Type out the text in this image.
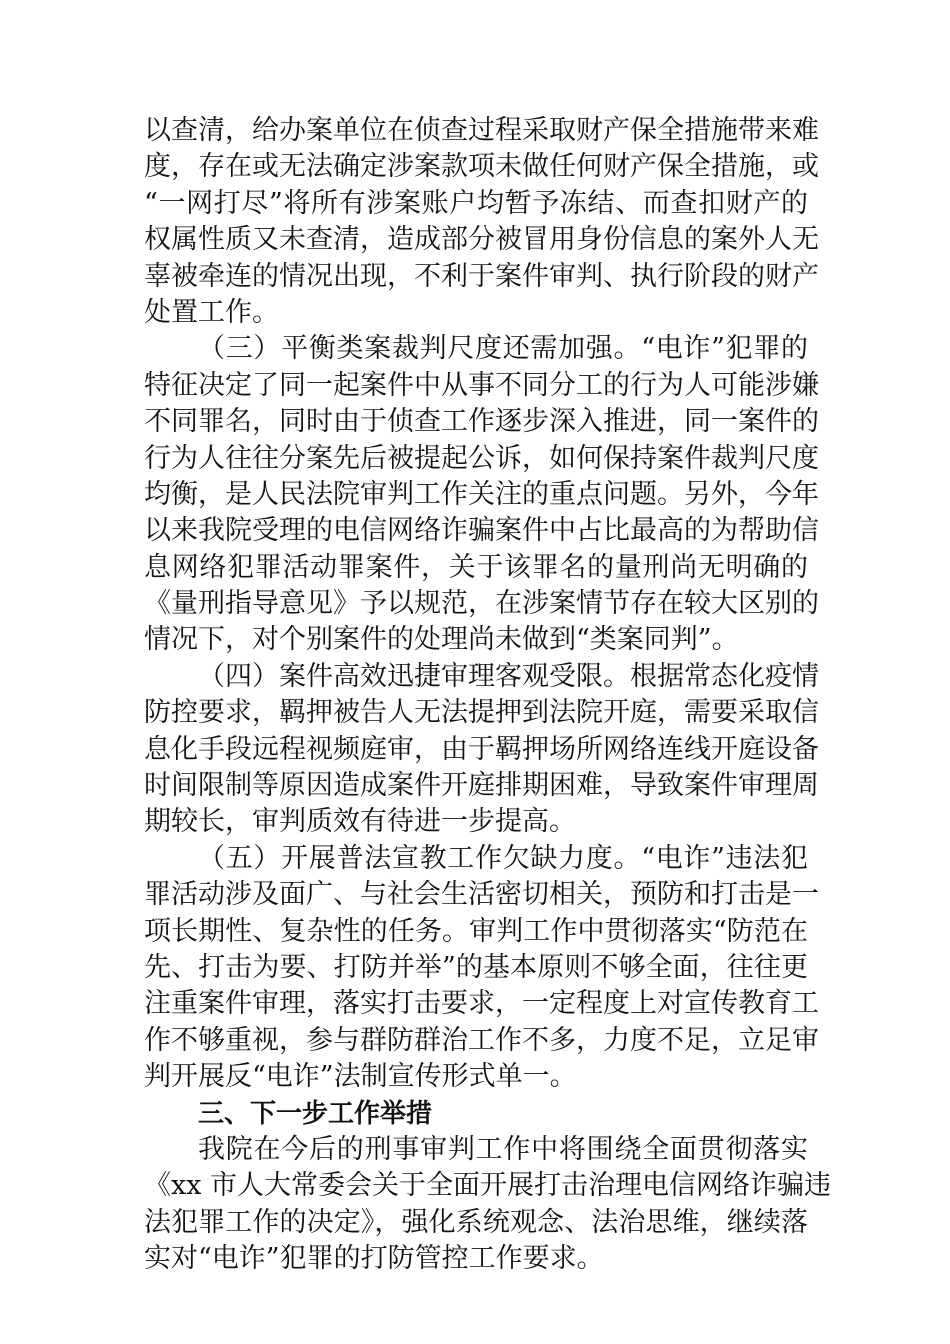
以查清，给办案单位在侦查过程采取财产保全措施带来难
度，存在或无法确定涉案款项未做任何财产保全措施，或
“一网打尽”将所有涉案账户均暂予冻结、而查扣财产的
权属性质又未查清，造成部分被冒用身份信息的案外人无
辜被牵连的情况出现，不利于案件审判、执行阶段的财产
处置工作。
（三）平衡类案裁判尺度还需加强。“电诈”犯罪的
特征决定了同一起案件中从事不同分工的行为人可能涉嫌
不同罪名，同时由于侦查工作逐步深入推进，同一案件的
行为人往往分案先后被提起公诉，如何保持案件裁判尺度
均衡，是人民法院审判工作关注的重点问题。另外，今年
以来我院受理的电信网络诈骗案件中占比最高的为帮助信
息网络犯罪活动罪案件，关于该罪名的量刑尚无明确的
《量刑指导意见》予以规范，在涉案情节存在较大区别的
情况下，对个别案件的处理尚未做到“类案同判”。
（四）案件高效迅捷审理客观受限。根据常态化疫情
防控要求，羁押被告人无法提押到法院开庭，需要采取信
息化手段远程视频庭审，由于羁押场所网络连线开庭设备
时间限制等原因造成案件开庭排期困难，导致案件审理周
期较长，审判质效有待进一步提高。
（五）开展普法宣教工作欠缺力度。“电诈”违法犯
罪活动涉及面广、与社会生活密切相关，预防和打击是一
项长期性、复杂性的任务。审判工作中贯彻落实“防范在
先、打击为要、打防并举”的基本原则不够全面，往往更
注重案件审理，落实打击要求，一定程度上对宣传教育工
作不够重视，参与群防群治工作不多，力度不足，立足审
判开展反“电诈”法制宣传形式单一。
三、下一步工作举措
我院在今后的刑事审判工作中将围绕全面贯彻落实
《xx 市人大常委会关于全面开展打击治理电信网络诈骗违
法犯罪工作的决定》，强化系统观念、法治思维，继续落
实对“电诈”犯罪的打防管控工作要求。
